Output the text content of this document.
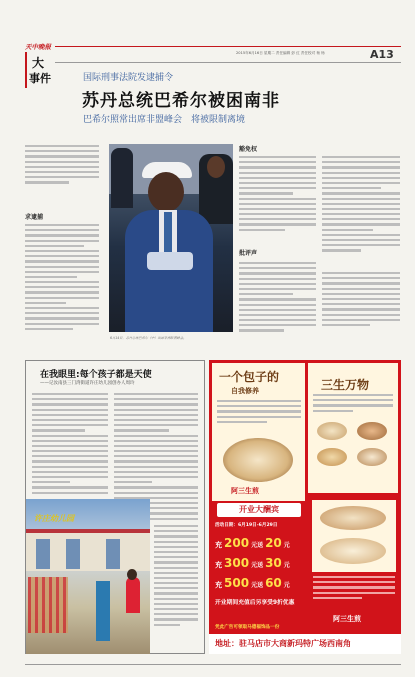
天中晚报
大
事件
2015年6月16日 星期二 责任编辑 彭 红 责任校对 杨 杨	A13
国际刑事法院发逮捕令
苏丹总统巴希尔被困南非
巴希尔照常出席非盟峰会　将被限制离境
求逮捕
6月14日，苏丹总统巴希尔（中）出席非洲联盟峰会。
豁免权
批评声
在我眼里:每个孩子都是天使
——记汝南县三门湾街道许庄幼儿园创办人周玲
许庄幼儿园
一个包子的
自我修养	三生万物
阿三生煎
开业大酬宾
活动日期：6月19日-6月29日
充 200 元送 20 元
充 300 元送 30 元
充 500 元送 60 元
阿三生煎
开业期间充值后另享受9折优惠
凭此广告可领取马德福饰品一份
地址：驻马店市大商新玛特广场西南角
